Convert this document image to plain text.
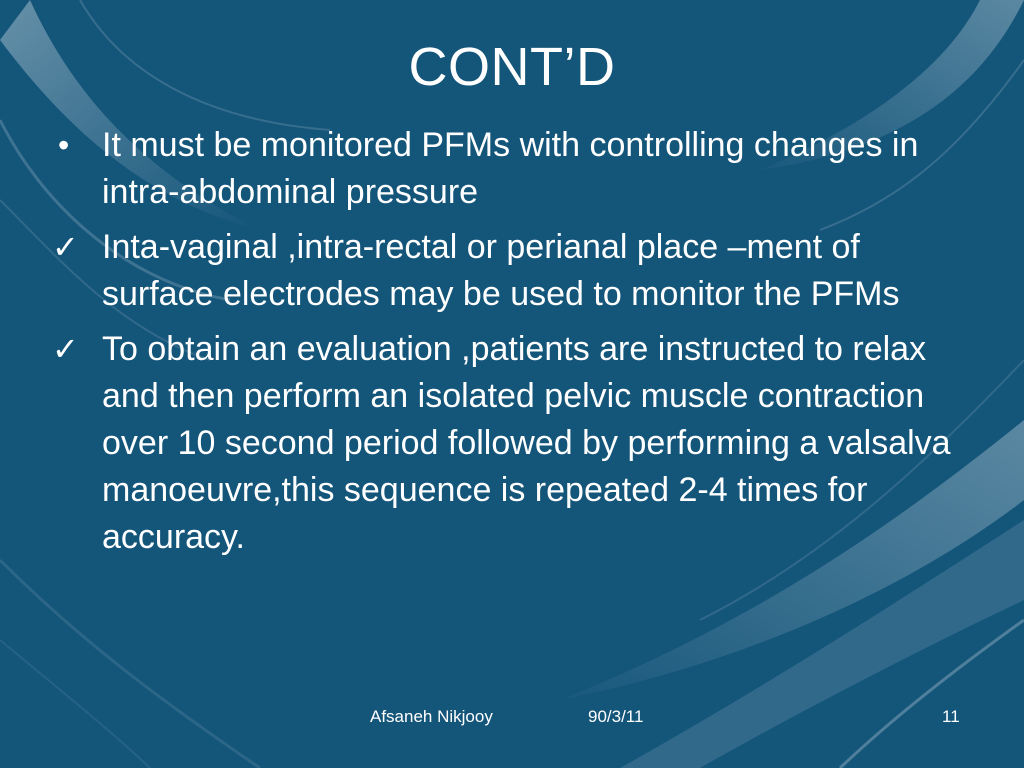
CONT’D
• It must be monitored PFMs with controlling changes in intra-abdominal pressure
✓ Inta-vaginal ,intra-rectal or perianal place –ment of surface electrodes may be used to monitor the PFMs
✓ To obtain an evaluation ,patients are instructed to relax and then perform an isolated pelvic muscle contraction over 10 second period followed by performing a valsalva manoeuvre,this sequence is repeated 2-4 times for accuracy.
Afsaneh Nikjooy	90/3/11	11
